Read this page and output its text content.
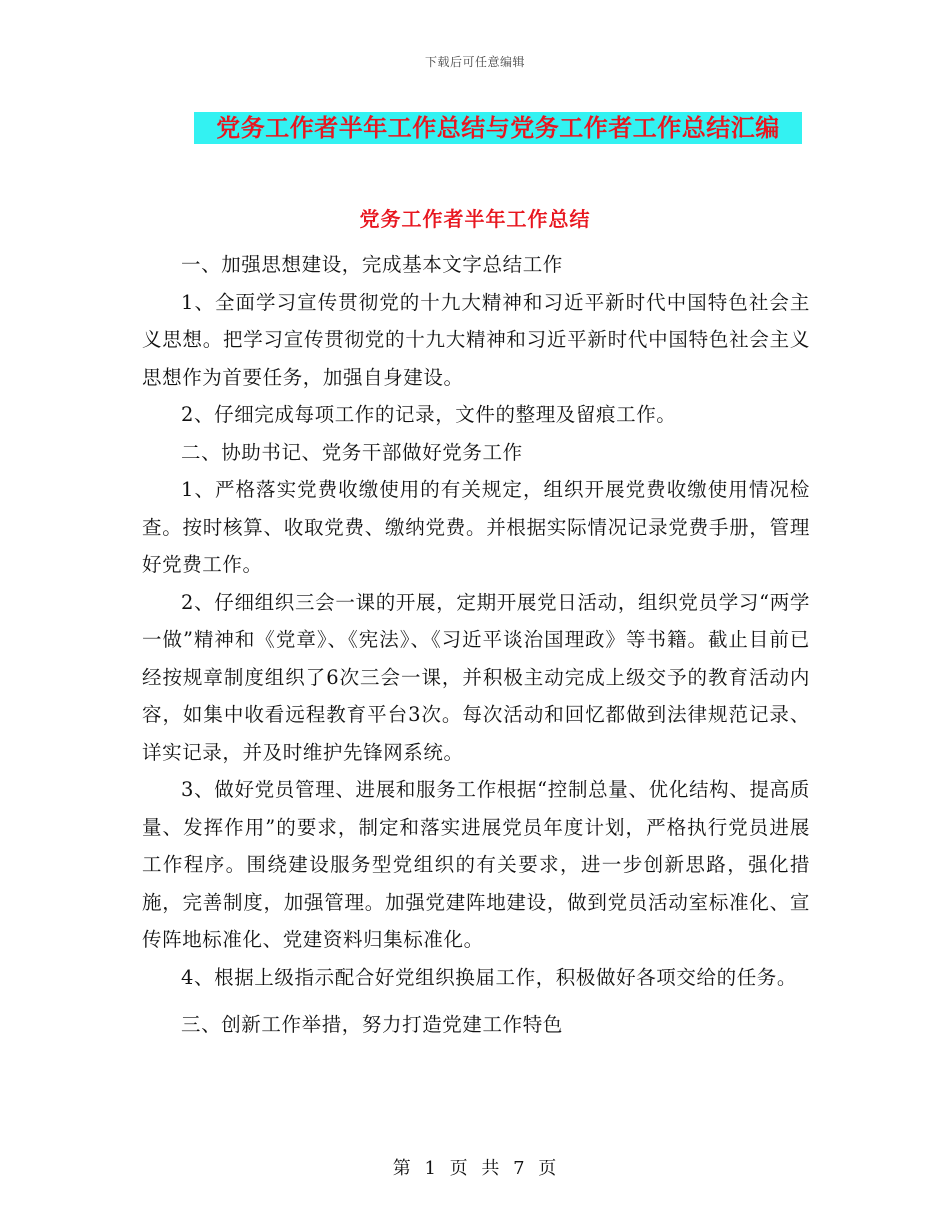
下载后可任意编辑
党务工作者半年工作总结与党务工作者工作总结汇编
党务工作者半年工作总结

一、加强思想建设，完成基本文字总结工作

1、全面学习宣传贯彻党的十九大精神和习近平新时代中国特色社会主义思想。把学习宣传贯彻党的十九大精神和习近平新时代中国特色社会主义思想作为首要任务，加强自身建设。

2、仔细完成每项工作的记录，文件的整理及留痕工作。

二、协助书记、党务干部做好党务工作

1、严格落实党费收缴使用的有关规定，组织开展党费收缴使用情况检查。按时核算、收取党费、缴纳党费。并根据实际情况记录党费手册，管理好党费工作。

2、仔细组织三会一课的开展，定期开展党日活动，组织党员学习“两学一做”精神和《党章》、《宪法》、《习近平谈治国理政》等书籍。截止目前已经按规章制度组织了6次三会一课，并积极主动完成上级交予的教育活动内容，如集中收看远程教育平台3次。每次活动和回忆都做到法律规范记录、详实记录，并及时维护先锋网系统。

3、做好党员管理、进展和服务工作根据“控制总量、优化结构、提高质量、发挥作用”的要求，制定和落实进展党员年度计划，严格执行党员进展工作程序。围绕建设服务型党组织的有关要求，进一步创新思路，强化措施，完善制度，加强管理。加强党建阵地建设，做到党员活动室标准化、宣传阵地标准化、党建资料归集标准化。

4、根据上级指示配合好党组织换届工作，积极做好各项交给的任务。

三、创新工作举措，努力打造党建工作特色

第 1 页 共 7 页
